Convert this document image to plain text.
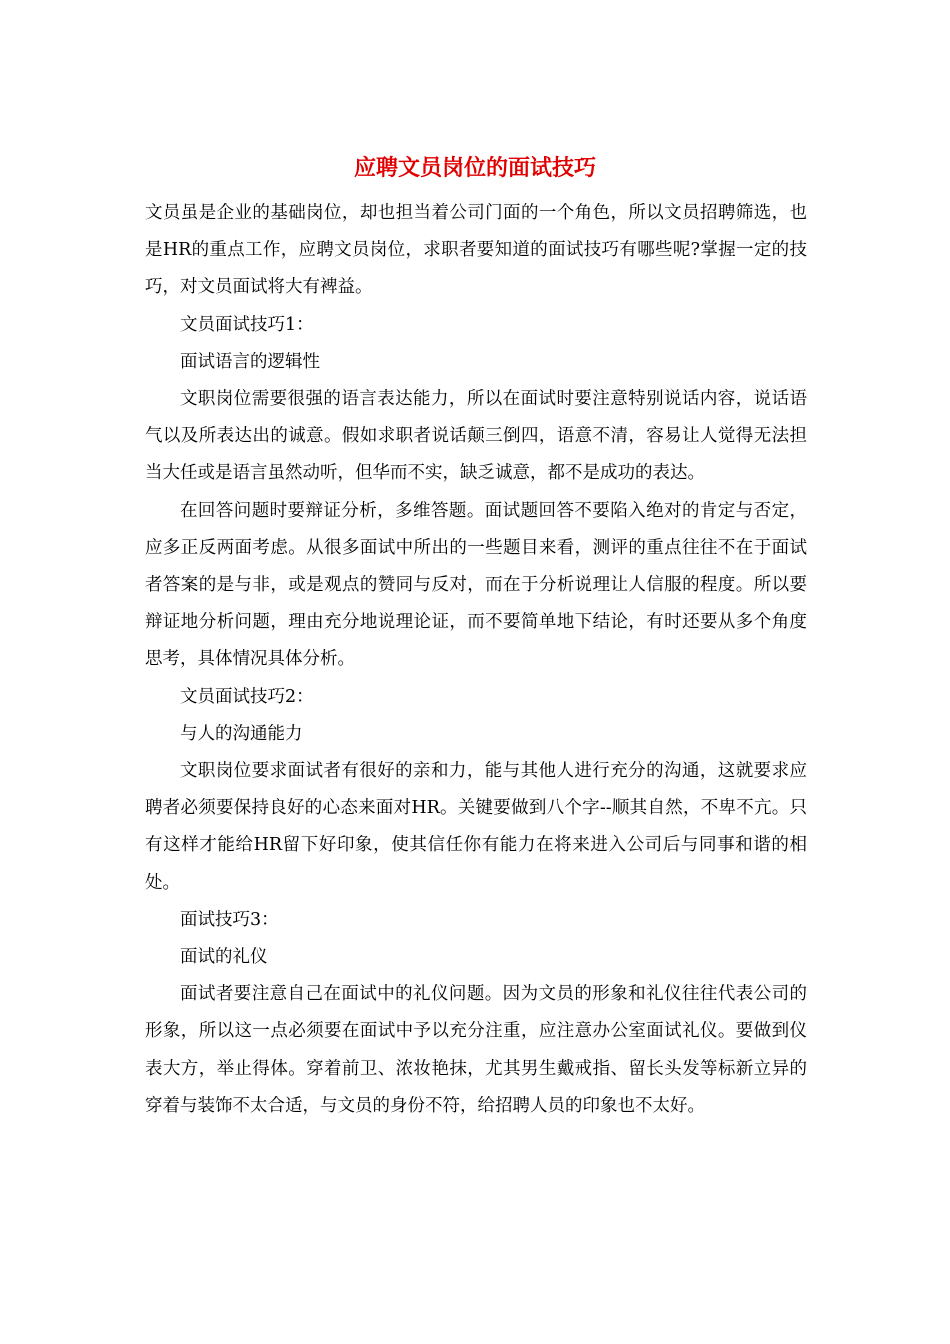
应聘文员岗位的面试技巧

文员虽是企业的基础岗位，却也担当着公司门面的一个角色，所以文员招聘筛选，也是HR的重点工作，应聘文员岗位，求职者要知道的面试技巧有哪些呢?掌握一定的技巧，对文员面试将大有裨益。

文员面试技巧1：

面试语言的逻辑性

文职岗位需要很强的语言表达能力，所以在面试时要注意特别说话内容，说话语气以及所表达出的诚意。假如求职者说话颠三倒四，语意不清，容易让人觉得无法担当大任或是语言虽然动听，但华而不实，缺乏诚意，都不是成功的表达。

在回答问题时要辩证分析，多维答题。面试题回答不要陷入绝对的肯定与否定，应多正反两面考虑。从很多面试中所出的一些题目来看，测评的重点往往不在于面试者答案的是与非，或是观点的赞同与反对，而在于分析说理让人信服的程度。所以要辩证地分析问题，理由充分地说理论证，而不要简单地下结论，有时还要从多个角度思考，具体情况具体分析。

文员面试技巧2：

与人的沟通能力

文职岗位要求面试者有很好的亲和力，能与其他人进行充分的沟通，这就要求应聘者必须要保持良好的心态来面对HR。关键要做到八个字--顺其自然，不卑不亢。只有这样才能给HR留下好印象，使其信任你有能力在将来进入公司后与同事和谐的相处。

面试技巧3：

面试的礼仪

面试者要注意自己在面试中的礼仪问题。因为文员的形象和礼仪往往代表公司的形象，所以这一点必须要在面试中予以充分注重，应注意办公室面试礼仪。要做到仪表大方，举止得体。穿着前卫、浓妆艳抹，尤其男生戴戒指、留长头发等标新立异的穿着与装饰不太合适，与文员的身份不符，给招聘人员的印象也不太好。
